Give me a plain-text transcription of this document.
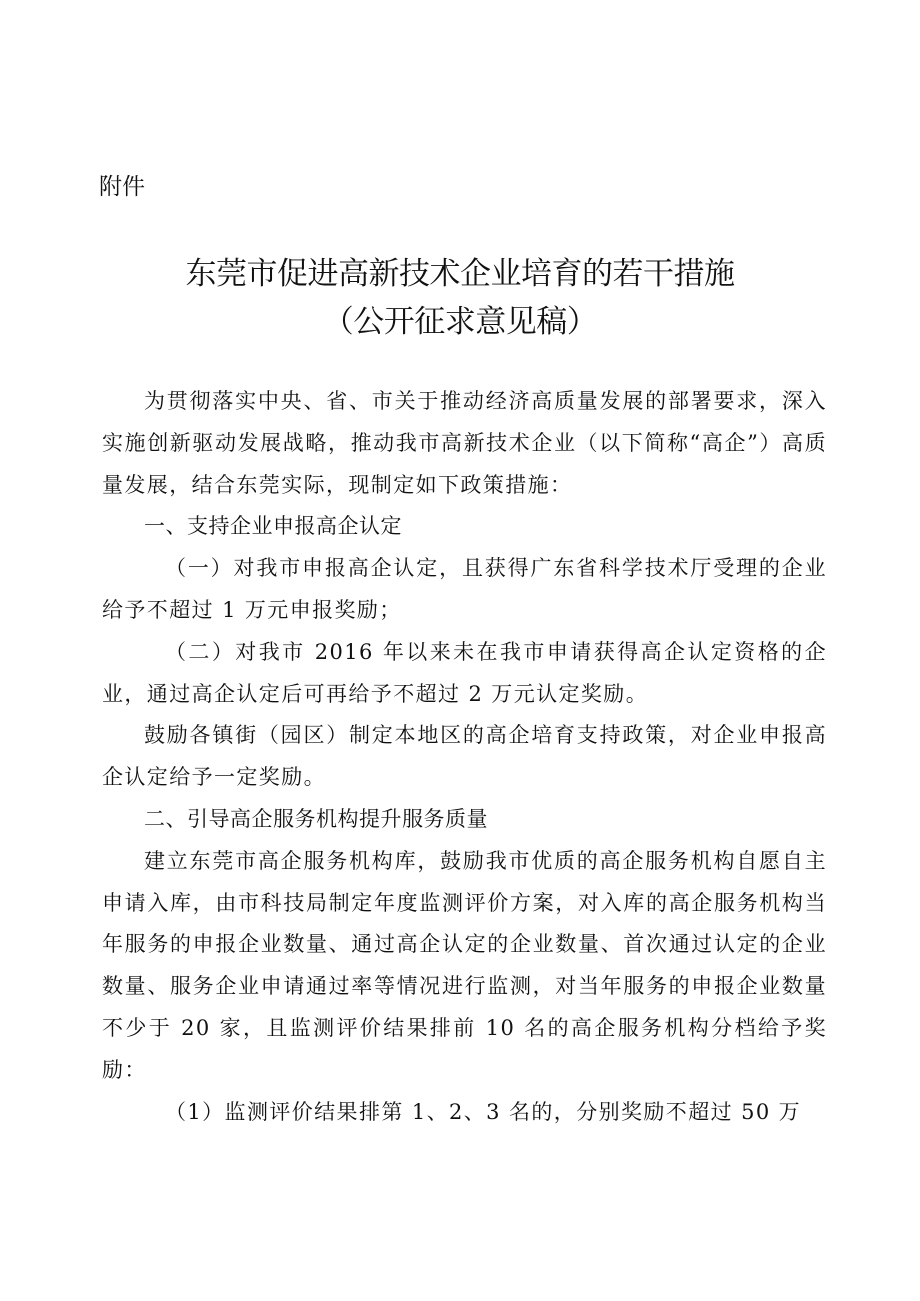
附件

东莞市促进高新技术企业培育的若干措施

（公开征求意见稿）

为贯彻落实中央、省、市关于推动经济高质量发展的部署要求，深入实施创新驱动发展战略，推动我市高新技术企业（以下简称“高企”）高质量发展，结合东莞实际，现制定如下政策措施：

一、支持企业申报高企认定

（一）对我市申报高企认定，且获得广东省科学技术厅受理的企业给予不超过 1 万元申报奖励；

（二）对我市 2016 年以来未在我市申请获得高企认定资格的企业，通过高企认定后可再给予不超过 2 万元认定奖励。

鼓励各镇街（园区）制定本地区的高企培育支持政策，对企业申报高企认定给予一定奖励。

二、引导高企服务机构提升服务质量

建立东莞市高企服务机构库，鼓励我市优质的高企服务机构自愿自主申请入库，由市科技局制定年度监测评价方案，对入库的高企服务机构当年服务的申报企业数量、通过高企认定的企业数量、首次通过认定的企业数量、服务企业申请通过率等情况进行监测，对当年服务的申报企业数量不少于 20 家，且监测评价结果排前 10 名的高企服务机构分档给予奖励：

（1）监测评价结果排第 1、2、3 名的，分别奖励不超过 50 万
